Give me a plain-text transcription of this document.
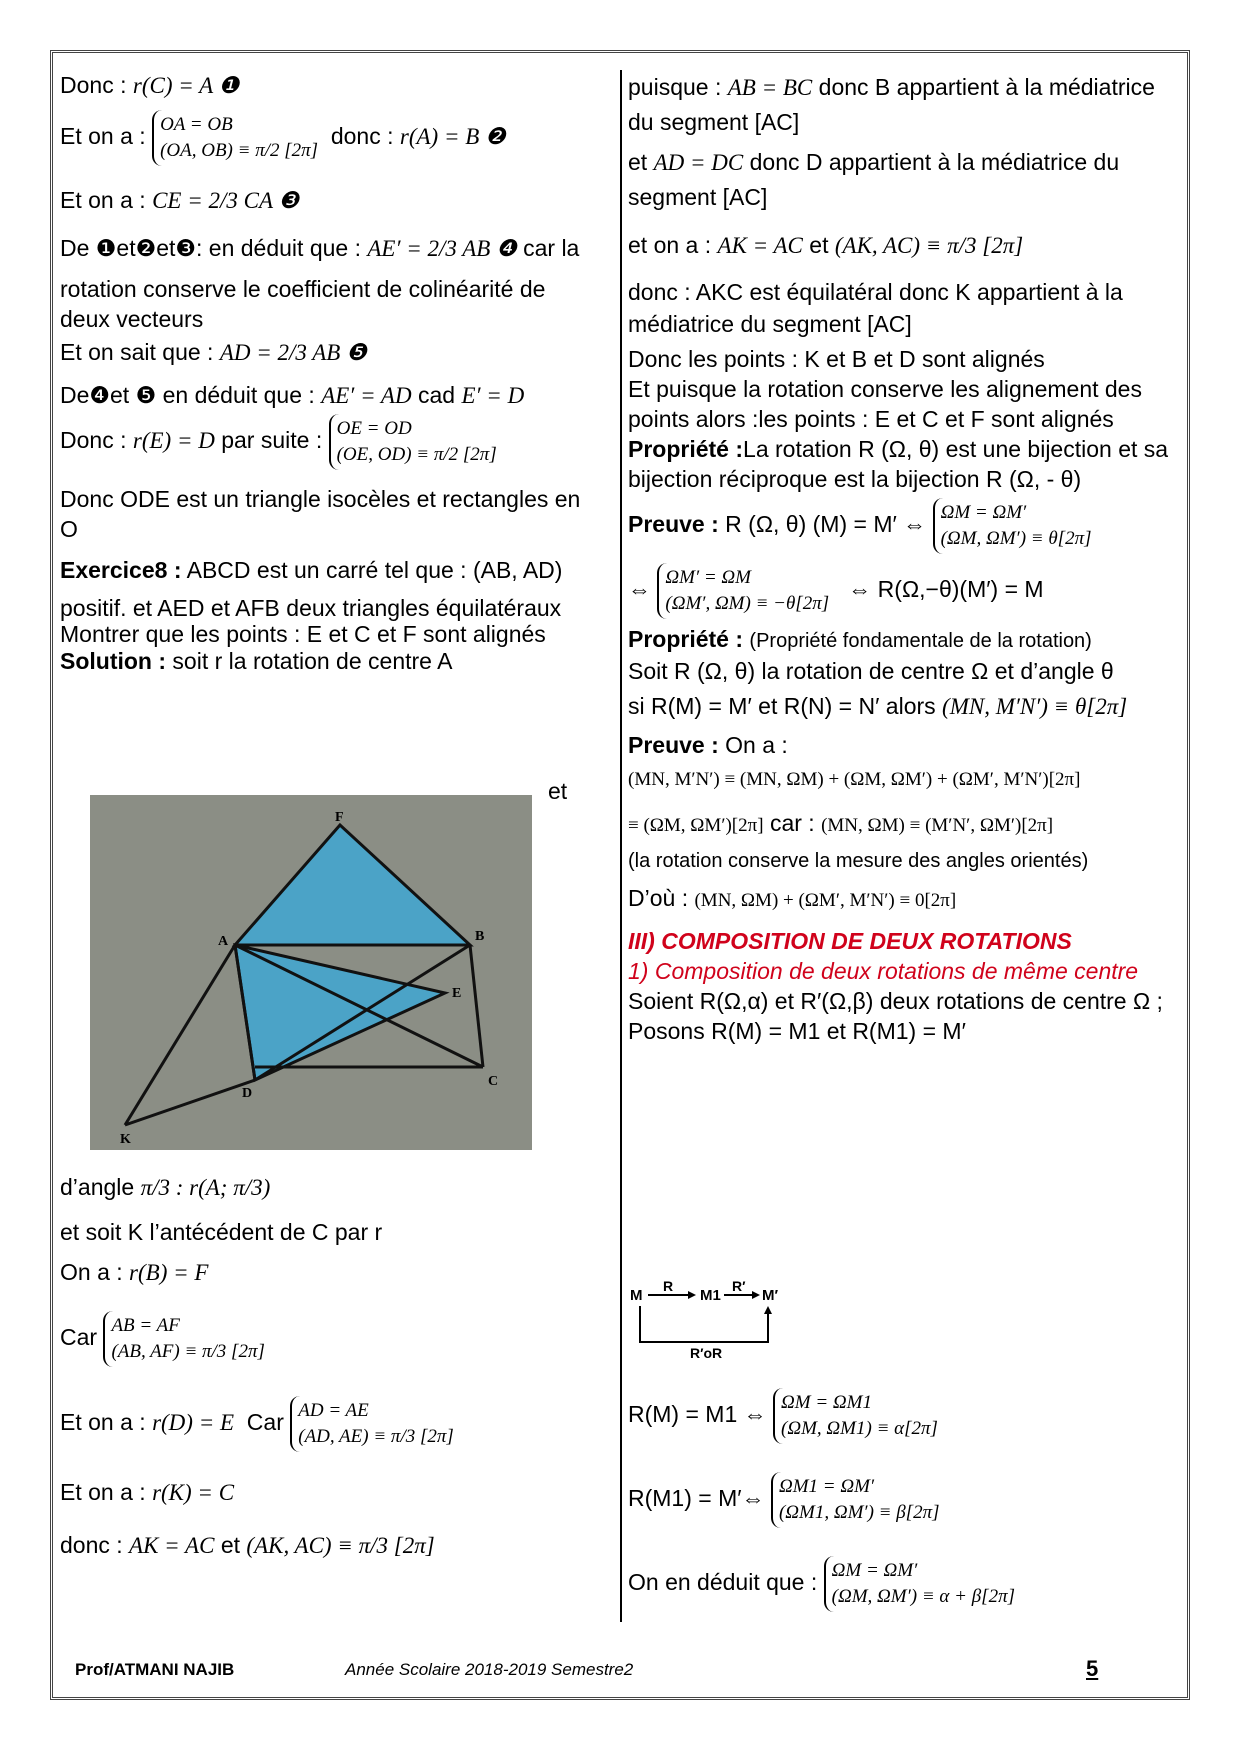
Donc : r(C) = A ❶

Et on a : OA = OB
(OA, OB) ≡ π/2 [2π]  donc : r(A) = B ❷

Et on a : CE = 2/3 CA ❸

De ❶et❷et❸: en déduit que : AE′ = 2/3 AB ❹ car la

rotation conserve le coefficient de colinéarité de deux vecteurs

Et on sait que : AD = 2/3 AB ❺

De❹et ❺ en déduit que : AE′ = AD cad E′ = D

Donc : r(E) = D par suite : OE = OD
(OE, OD) ≡ π/2 [2π]

Donc ODE est un triangle isocèles et rectangles en O

Exercice8 : ABCD est un carré tel que : (AB, AD)

positif. et AED et AFB deux triangles équilatéraux

Montrer que les points : E et C et F sont alignés

Solution : soit r la rotation de centre A

et
F
A	B
E
C
D
K

d’angle π/3 : r(A; π/3)

et soit K l’antécédent de C par r

On a : r(B) = F

Car AB = AF
(AB, AF) ≡ π/3 [2π]

Et on a : r(D) = E Car AD = AE
(AD, AE) ≡ π/3 [2π]

Et on a : r(K) = C

donc : AK = AC et (AK, AC) ≡ π/3 [2π]

puisque : AB = BC donc B appartient à la médiatrice du segment [AC]

et AD = DC donc D appartient à la médiatrice du segment [AC]

et on a : AK = AC et (AK, AC) ≡ π/3 [2π]

donc : AKC est équilatéral donc K appartient à la médiatrice du segment [AC]

Donc les points : K et B et D sont alignés

Et puisque la rotation conserve les alignement des points alors :les points : E et C et F sont alignés

Propriété :La rotation R (Ω, θ) est une bijection et sa bijection réciproque est la bijection R (Ω, - θ)

Preuve : R (Ω, θ) (M) = M′ ⇔ ΩM = ΩM′
(ΩM, ΩM′) ≡ θ[2π]

⇔ ΩM′ = ΩM
(ΩM′, ΩM) ≡ −θ[2π]   ⇔ R(Ω,−θ)(M′) = M

Propriété : (Propriété fondamentale de la rotation)

Soit R (Ω, θ) la rotation de centre Ω et d’angle θ

si R(M) = M′ et R(N) = N′ alors (MN, M′N′) ≡ θ[2π]

Preuve : On a :

(MN, M′N′) ≡ (MN, ΩM) + (ΩM, ΩM′) + (ΩM′, M′N′)[2π]

≡ (ΩM, ΩM′)[2π] car : (MN, ΩM) ≡ (M′N′, ΩM′)[2π]

(la rotation conserve la mesure des angles orientés)

D’où : (MN, ΩM) + (ΩM′, M′N′) ≡ 0[2π]

III) COMPOSITION DE DEUX ROTATIONS

1) Composition de deux rotations de même centre

Soient R(Ω,α) et R′(Ω,β) deux rotations de centre Ω ; Posons R(M) = M1 et R(M1) = M′

M
R
M1
R′
M′
R′oR

R(M) = M1 ⇔ ΩM = ΩM1
(ΩM, ΩM1) ≡ α[2π]

R(M1) = M′⇔ ΩM1 = ΩM′
(ΩM1, ΩM′) ≡ β[2π]

On en déduit que : ΩM = ΩM′
(ΩM, ΩM′) ≡ α + β[2π]

Prof/ATMANI NAJIB	Année Scolaire 2018-2019 Semestre2	5
